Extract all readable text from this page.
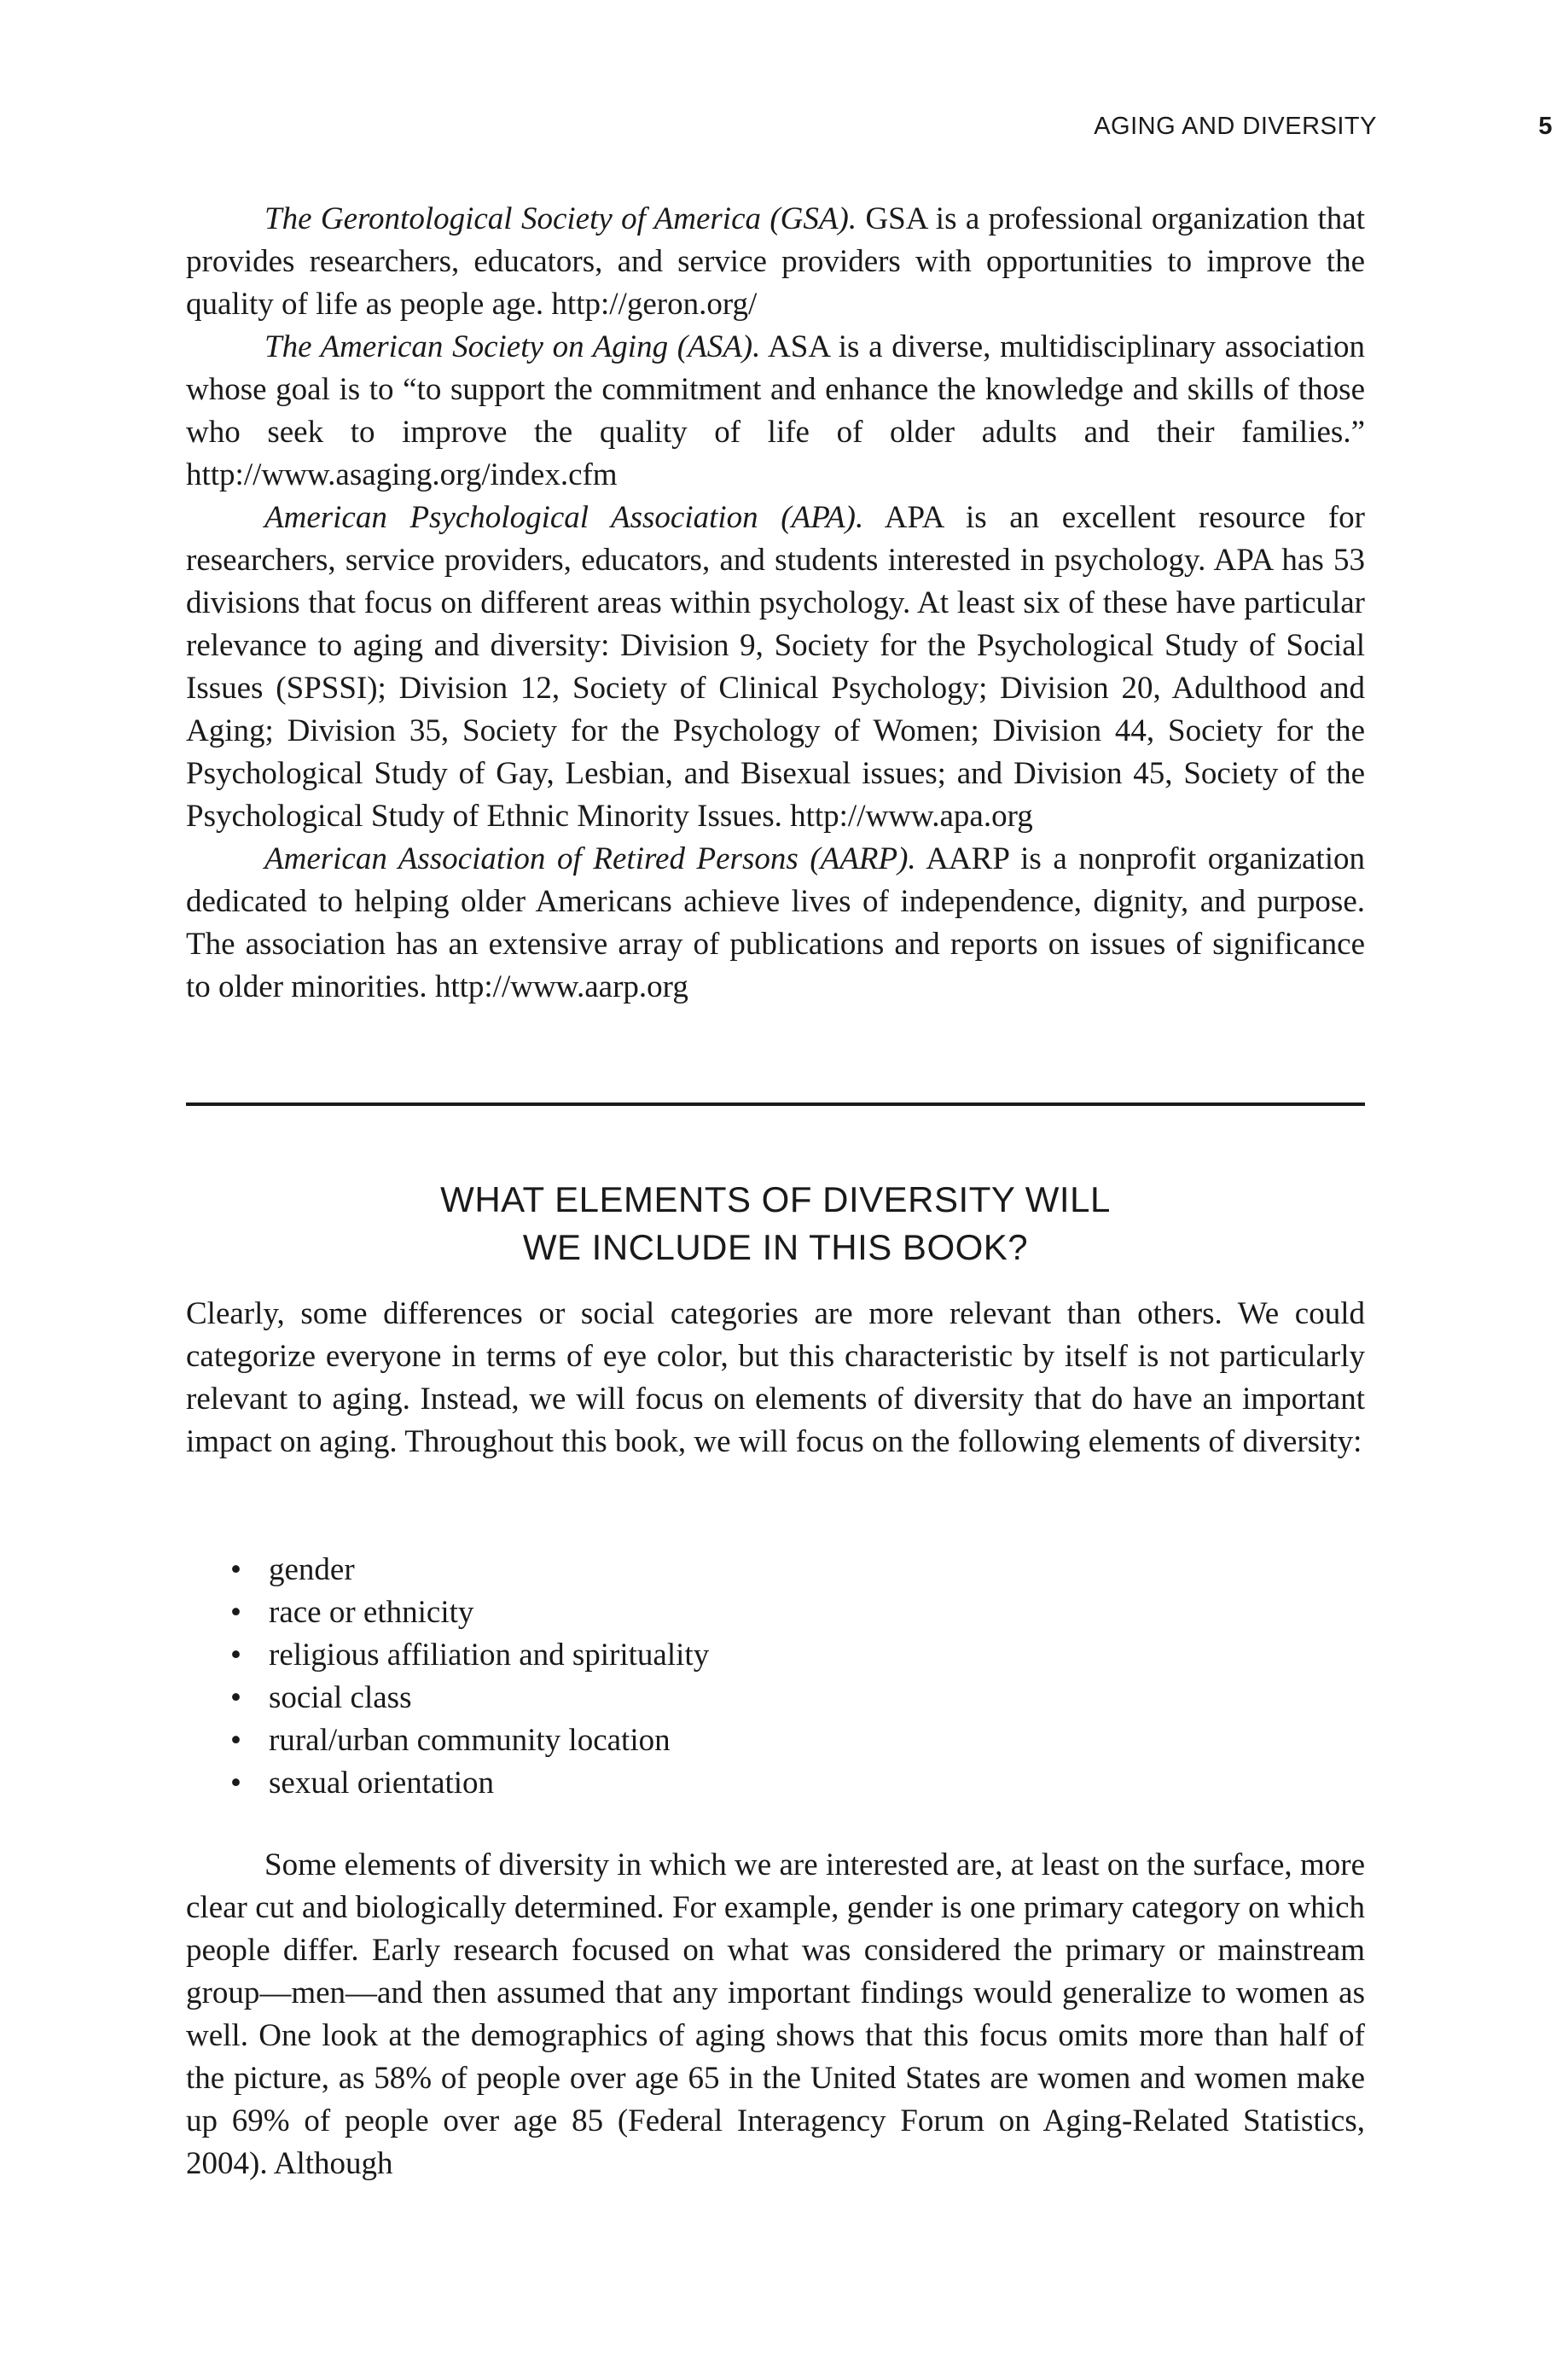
AGING AND DIVERSITY	5

The Gerontological Society of America (GSA). GSA is a professional organization that provides researchers, educators, and service providers with opportunities to improve the quality of life as people age. http://geron.org/

The American Society on Aging (ASA). ASA is a diverse, multidisciplinary association whose goal is to “to support the commitment and enhance the knowledge and skills of those who seek to improve the quality of life of older adults and their families.” http://www.asaging.org/index.cfm

American Psychological Association (APA). APA is an excellent resource for researchers, service providers, educators, and students interested in psychology. APA has 53 divisions that focus on different areas within psychology. At least six of these have particular relevance to aging and diversity: Division 9, Society for the Psychological Study of Social Issues (SPSSI); Division 12, Society of Clinical Psychology; Division 20, Adulthood and Aging; Division 35, Society for the Psychology of Women; Division 44, Society for the Psychological Study of Gay, Lesbian, and Bisexual issues; and Division 45, Society of the Psychological Study of Ethnic Minority Issues. http://www.apa.org

American Association of Retired Persons (AARP). AARP is a nonprofit organization dedicated to helping older Americans achieve lives of independence, dignity, and purpose. The association has an extensive array of publications and reports on issues of significance to older minorities. http://www.aarp.org

WHAT ELEMENTS OF DIVERSITY WILL
WE INCLUDE IN THIS BOOK?

Clearly, some differences or social categories are more relevant than others. We could categorize everyone in terms of eye color, but this characteristic by itself is not particularly relevant to aging. Instead, we will focus on elements of diversity that do have an important impact on aging. Throughout this book, we will focus on the following elements of diversity:

• gender
• race or ethnicity
• religious affiliation and spirituality
• social class
• rural/urban community location
• sexual orientation

Some elements of diversity in which we are interested are, at least on the surface, more clear cut and biologically determined. For example, gender is one primary category on which people differ. Early research focused on what was considered the primary or mainstream group—men—and then assumed that any important findings would generalize to women as well. One look at the demographics of aging shows that this focus omits more than half of the picture, as 58% of people over age 65 in the United States are women and women make up 69% of people over age 85 (Federal Interagency Forum on Aging-Related Statistics, 2004). Although
